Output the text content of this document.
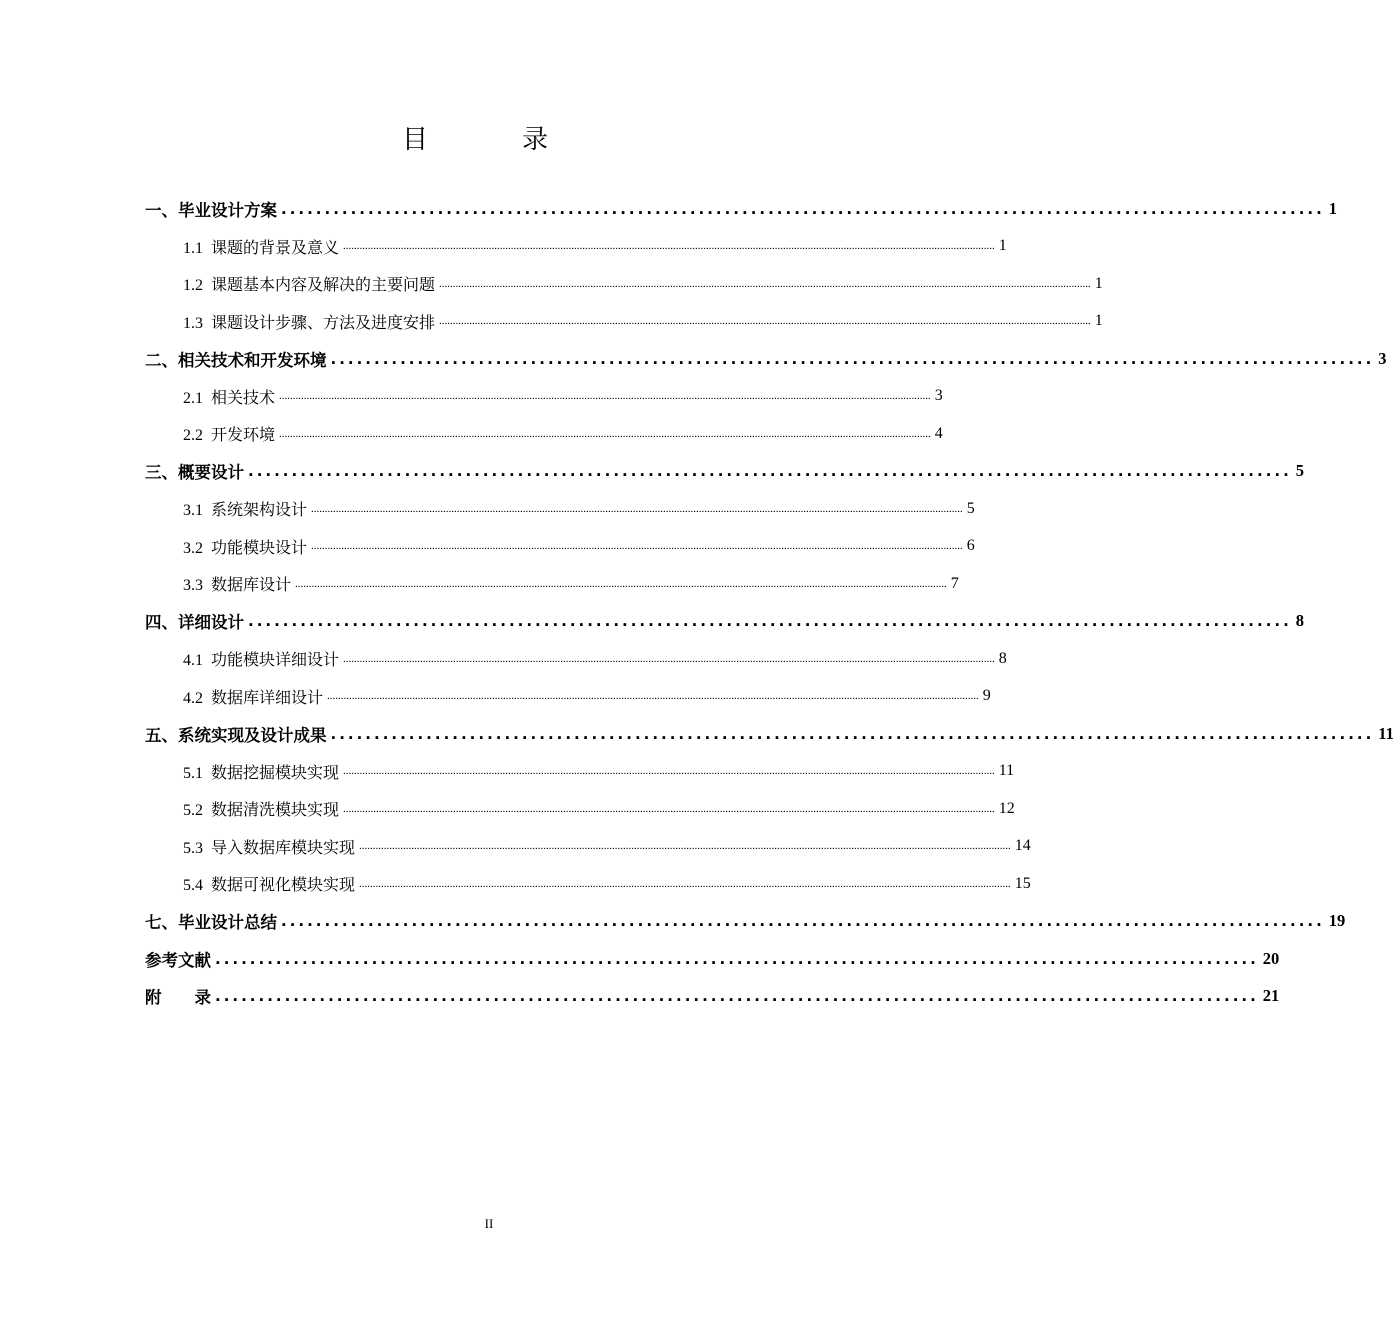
目　录
一、毕业设计方案 ........................................................................................................................ 1
1.1 课题的背景及意义 ............................................................................................................................................................................................................................................. 1
1.2 课题基本内容及解决的主要问题 ............................................................................................................................................................................................................................................. 1
1.3 课题设计步骤、方法及进度安排 ............................................................................................................................................................................................................................................. 1
二、相关技术和开发环境 ........................................................................................................................ 3
2.1 相关技术 ............................................................................................................................................................................................................................................. 3
2.2 开发环境 ............................................................................................................................................................................................................................................. 4
三、概要设计 ........................................................................................................................ 5
3.1 系统架构设计 ............................................................................................................................................................................................................................................. 5
3.2 功能模块设计 ............................................................................................................................................................................................................................................. 6
3.3 数据库设计 ............................................................................................................................................................................................................................................. 7
四、详细设计 ........................................................................................................................ 8
4.1 功能模块详细设计 ............................................................................................................................................................................................................................................. 8
4.2 数据库详细设计 ............................................................................................................................................................................................................................................. 9
五、系统实现及设计成果 ........................................................................................................................ 11
5.1 数据挖掘模块实现 ............................................................................................................................................................................................................................................. 11
5.2 数据清洗模块实现 ............................................................................................................................................................................................................................................. 12
5.3 导入数据库模块实现 ............................................................................................................................................................................................................................................. 14
5.4 数据可视化模块实现 ............................................................................................................................................................................................................................................. 15
七、毕业设计总结 ........................................................................................................................ 19
参考文献 ........................................................................................................................ 20
附　　录 ........................................................................................................................ 21
II
